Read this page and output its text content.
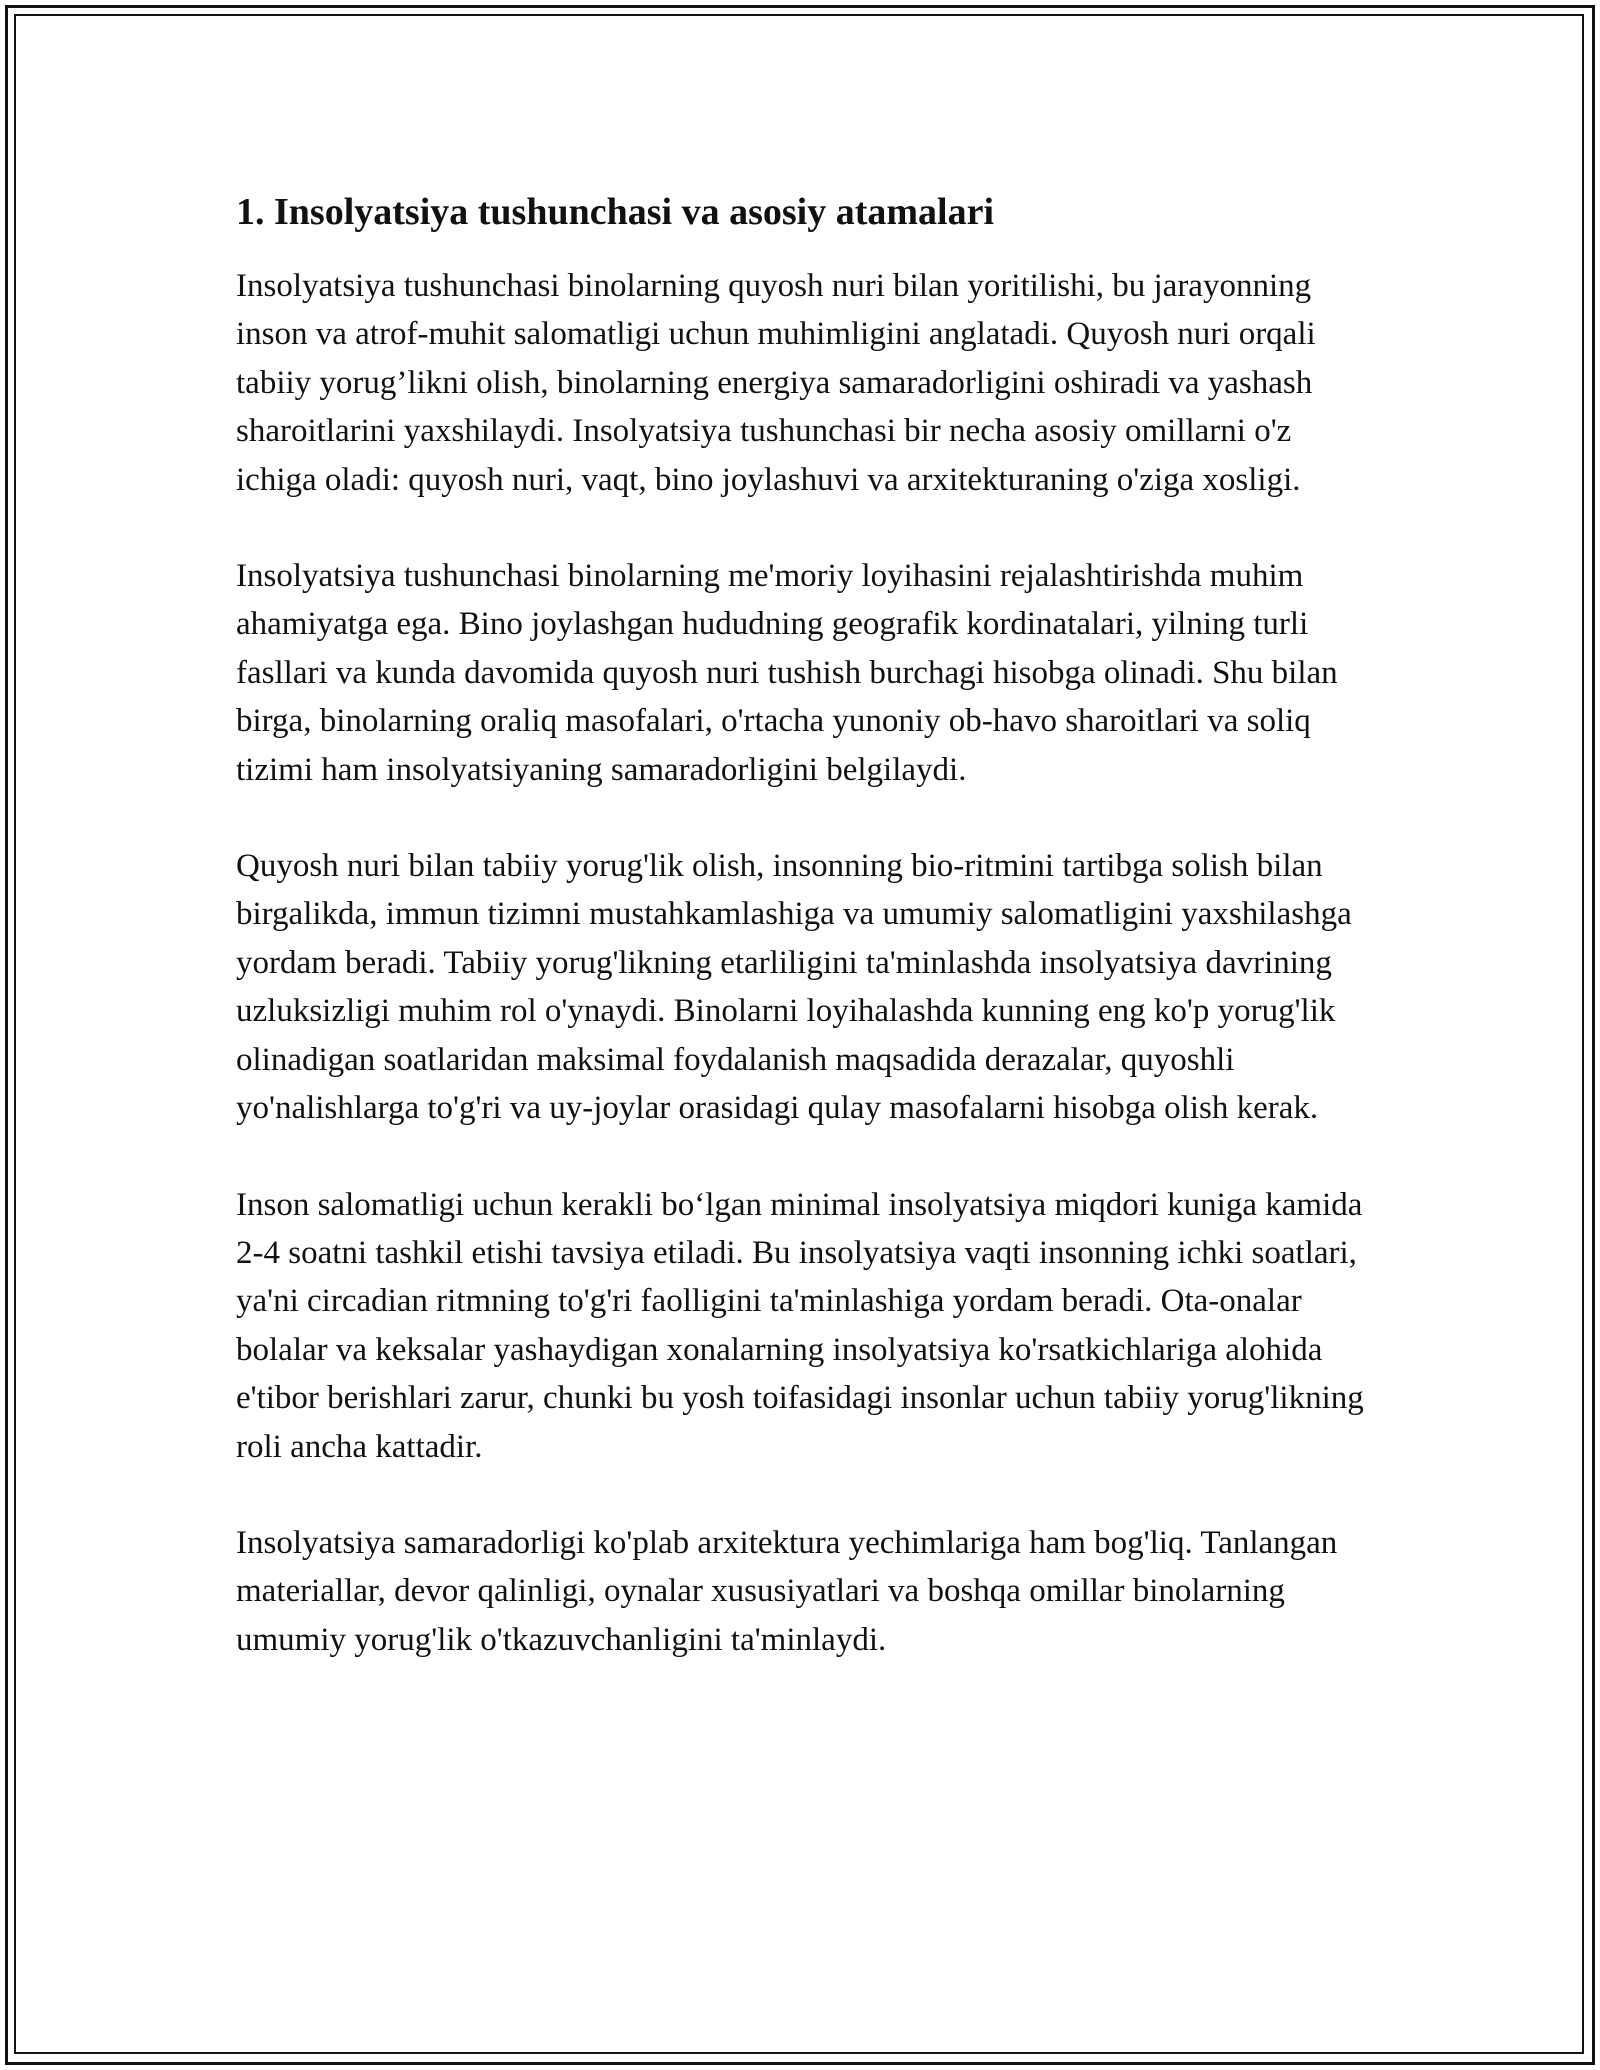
1. Insolyatsiya tushunchasi va asosiy atamalari

Insolyatsiya tushunchasi binolarning quyosh nuri bilan yoritilishi, bu jarayonning inson va atrof-muhit salomatligi uchun muhimligini anglatadi. Quyosh nuri orqali tabiiy yorug’likni olish, binolarning energiya samaradorligini oshiradi va yashash sharoitlarini yaxshilaydi. Insolyatsiya tushunchasi bir necha asosiy omillarni o'z ichiga oladi: quyosh nuri, vaqt, bino joylashuvi va arxitekturaning o'ziga xosligi.

Insolyatsiya tushunchasi binolarning me'moriy loyihasini rejalashtirishda muhim ahamiyatga ega. Bino joylashgan hududning geografik kordinatalari, yilning turli fasllari va kunda davomida quyosh nuri tushish burchagi hisobga olinadi. Shu bilan birga, binolarning oraliq masofalari, o'rtacha yunoniy ob-havo sharoitlari va soliq tizimi ham insolyatsiyaning samaradorligini belgilaydi.

Quyosh nuri bilan tabiiy yorug'lik olish, insonning bio-ritmini tartibga solish bilan birgalikda, immun tizimni mustahkamlashiga va umumiy salomatligini yaxshilashga yordam beradi. Tabiiy yorug'likning etarliligini ta'minlashda insolyatsiya davrining uzluksizligi muhim rol o'ynaydi. Binolarni loyihalashda kunning eng ko'p yorug'lik olinadigan soatlaridan maksimal foydalanish maqsadida derazalar, quyoshli yo'nalishlarga to'g'ri va uy-joylar orasidagi qulay masofalarni hisobga olish kerak.

Inson salomatligi uchun kerakli bo‘lgan minimal insolyatsiya miqdori kuniga kamida 2-4 soatni tashkil etishi tavsiya etiladi. Bu insolyatsiya vaqti insonning ichki soatlari, ya'ni circadian ritmning to'g'ri faolligini ta'minlashiga yordam beradi. Ota-onalar bolalar va keksalar yashaydigan xonalarning insolyatsiya ko'rsatkichlariga alohida e'tibor berishlari zarur, chunki bu yosh toifasidagi insonlar uchun tabiiy yorug'likning roli ancha kattadir.

Insolyatsiya samaradorligi ko'plab arxitektura yechimlariga ham bog'liq. Tanlangan materiallar, devor qalinligi, oynalar xususiyatlari va boshqa omillar binolarning umumiy yorug'lik o'tkazuvchanligini ta'minlaydi.
